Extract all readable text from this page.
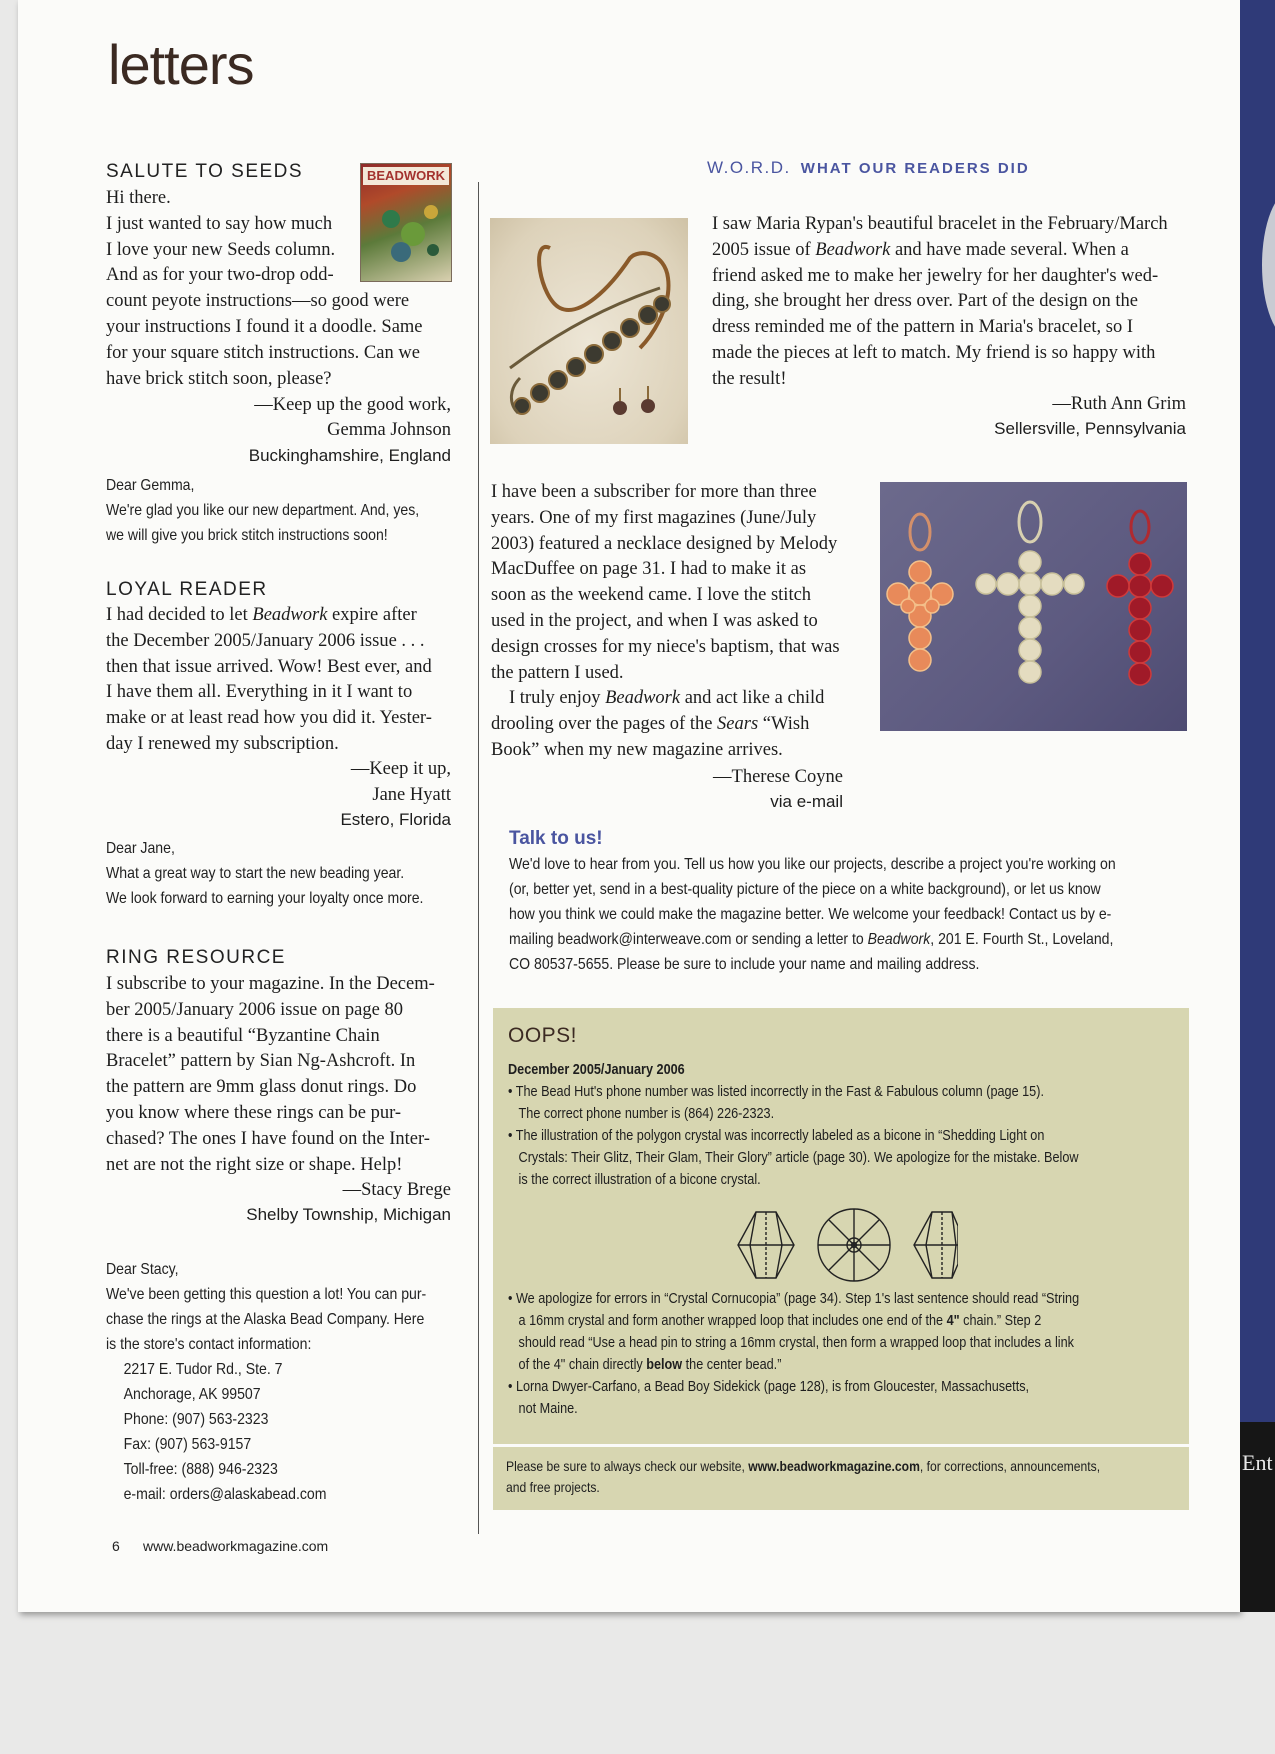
Ent
letters
SALUTE TO SEEDS	BEADWORK
Hi there.
I just wanted to say how much
I love your new Seeds column.
And as for your two-drop odd-
count peyote instructions—so good were
your instructions I found it a doodle. Same
for your square stitch instructions. Can we
have brick stitch soon, please?
—Keep up the good work,
Gemma Johnson
Buckinghamshire, England
Dear Gemma,
We're glad you like our new department. And, yes,
we will give you brick stitch instructions soon!
LOYAL READER
I had decided to let Beadwork expire after
the December 2005/January 2006 issue . . .
then that issue arrived. Wow! Best ever, and
I have them all. Everything in it I want to
make or at least read how you did it. Yester-
day I renewed my subscription.
—Keep it up,
Jane Hyatt
Estero, Florida
Dear Jane,
What a great way to start the new beading year.
We look forward to earning your loyalty once more.
RING RESOURCE
I subscribe to your magazine. In the Decem-
ber 2005/January 2006 issue on page 80
there is a beautiful “Byzantine Chain
Bracelet” pattern by Sian Ng-Ashcroft. In
the pattern are 9mm glass donut rings. Do
you know where these rings can be pur-
chased? The ones I have found on the Inter-
net are not the right size or shape. Help!
—Stacy Brege
Shelby Township, Michigan
Dear Stacy,
We've been getting this question a lot! You can pur-
chase the rings at the Alaska Bead Company. Here
is the store's contact information:
2217 E. Tudor Rd., Ste. 7
Anchorage, AK 99507
Phone: (907) 563-2323
Fax: (907) 563-9157
Toll-free: (888) 946-2323
e-mail: orders@alaskabead.com
W.O.R.D. WHAT OUR READERS DID
I saw Maria Rypan's beautiful bracelet in the February/March
2005 issue of Beadwork and have made several. When a
friend asked me to make her jewelry for her daughter's wed-
ding, she brought her dress over. Part of the design on the
dress reminded me of the pattern in Maria's bracelet, so I
made the pieces at left to match. My friend is so happy with
the result!
—Ruth Ann Grim
Sellersville, Pennsylvania
I have been a subscriber for more than three
years. One of my first magazines (June/July
2003) featured a necklace designed by Melody
MacDuffee on page 31. I had to make it as
soon as the weekend came. I love the stitch
used in the project, and when I was asked to
design crosses for my niece's baptism, that was
the pattern I used.
I truly enjoy Beadwork and act like a child
drooling over the pages of the Sears “Wish
Book” when my new magazine arrives.
—Therese Coyne
via e-mail
Talk to us!
We'd love to hear from you. Tell us how you like our projects, describe a project you're working on
(or, better yet, send in a best-quality picture of the piece on a white background), or let us know
how you think we could make the magazine better. We welcome your feedback! Contact us by e-
mailing beadwork@interweave.com or sending a letter to Beadwork, 201 E. Fourth St., Loveland,
CO 80537-5655. Please be sure to include your name and mailing address.
OOPS!
December 2005/January 2006
• The Bead Hut's phone number was listed incorrectly in the Fast & Fabulous column (page 15).
The correct phone number is (864) 226-2323.
• The illustration of the polygon crystal was incorrectly labeled as a bicone in “Shedding Light on
Crystals: Their Glitz, Their Glam, Their Glory” article (page 30). We apologize for the mistake. Below
is the correct illustration of a bicone crystal.
• We apologize for errors in “Crystal Cornucopia” (page 34). Step 1's last sentence should read “String
a 16mm crystal and form another wrapped loop that includes one end of the 4" chain.” Step 2
should read “Use a head pin to string a 16mm crystal, then form a wrapped loop that includes a link
of the 4" chain directly below the center bead.”
• Lorna Dwyer-Carfano, a Bead Boy Sidekick (page 128), is from Gloucester, Massachusetts,
not Maine.
Please be sure to always check our website, www.beadworkmagazine.com, for corrections, announcements,
and free projects.
6 www.beadworkmagazine.com
